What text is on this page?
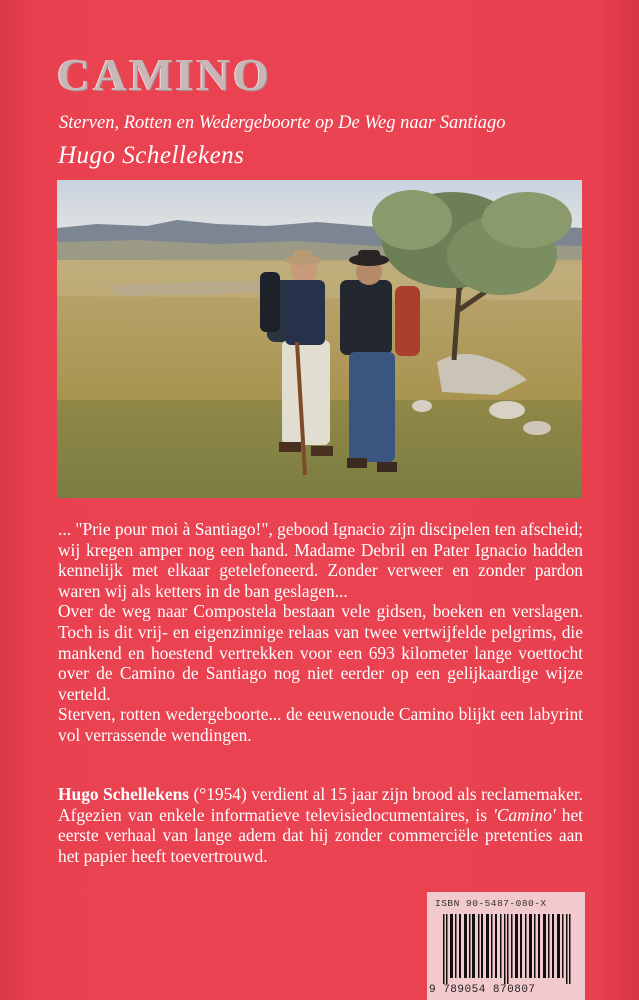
CAMINO
Sterven, Rotten en Wedergeboorte op De Weg naar Santiago
Hugo Schellekens

... "Prie pour moi à Santiago!", gebood Ignacio zijn discipelen ten afscheid; wij kregen amper nog een hand. Madame Debril en Pater Ignacio hadden kennelijk met elkaar getelefoneerd. Zonder verweer en zonder pardon waren wij als ketters in de ban geslagen...

Over de weg naar Compostela bestaan vele gidsen, boeken en verslagen. Toch is dit vrij- en eigenzinnige relaas van twee vertwijfelde pelgrims, die mankend en hoestend vertrekken voor een 693 kilometer lange voettocht over de Camino de Santiago nog niet eerder op een gelijkaardige wijze verteld.

Sterven, rotten wedergeboorte... de eeuwenoude Camino blijkt een labyrint vol verrassende wendingen.

Hugo Schellekens (°1954) verdient al 15 jaar zijn brood als reclamemaker. Afgezien van enkele informatieve televisiedocumentaires, is 'Camino' het eerste verhaal van lange adem dat hij zonder commerciële pretenties aan het papier heeft toevertrouwd.
ISBN 90-5487-080-X
9 789054 870807
